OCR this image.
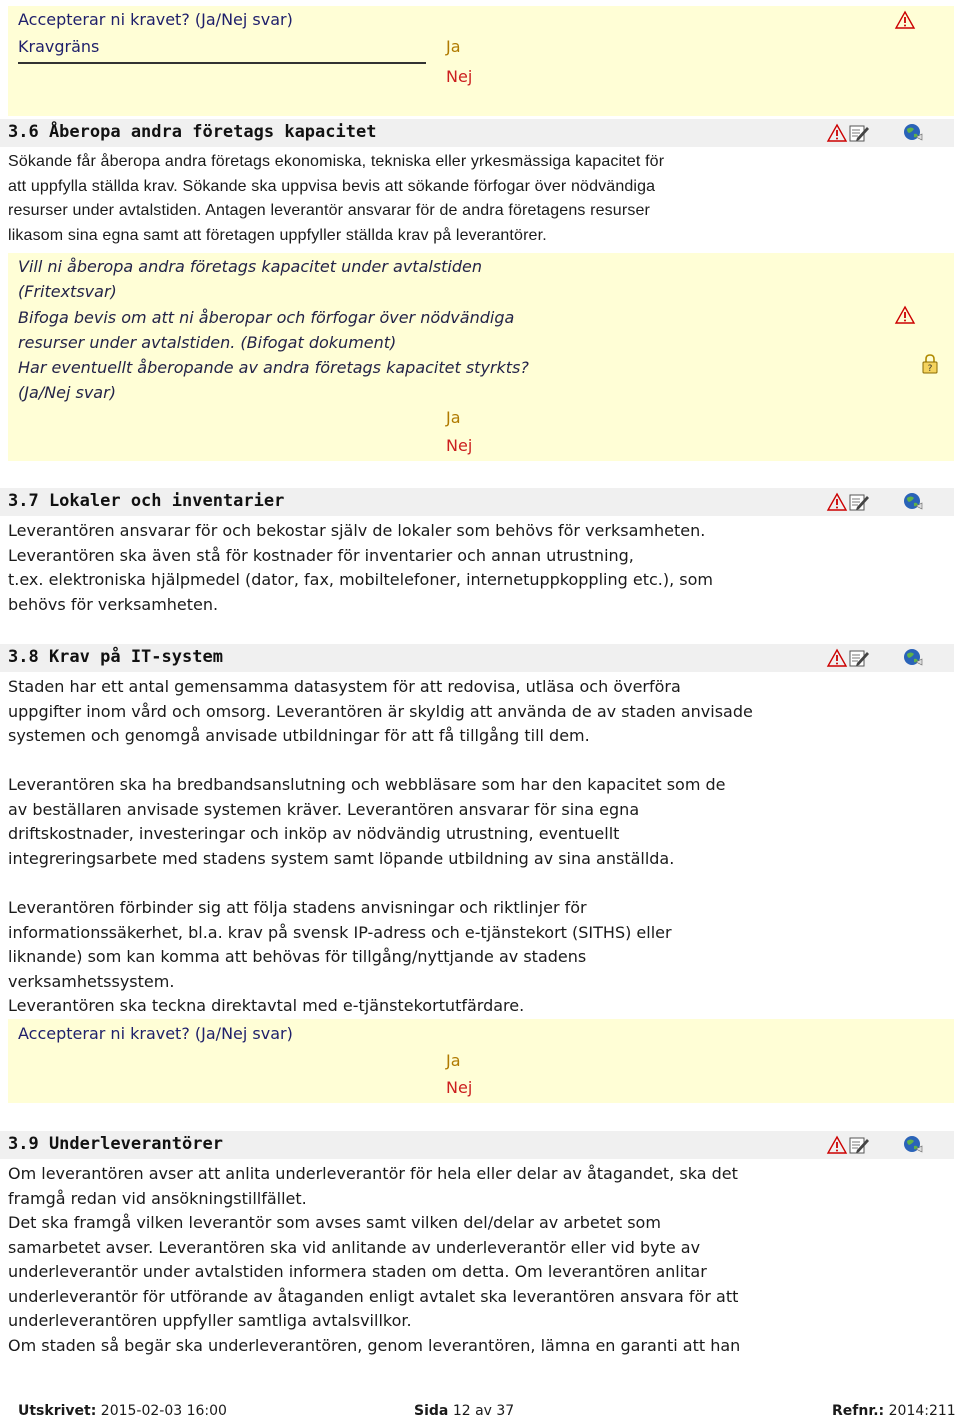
Accepterar ni kravet? (Ja/Nej svar)
Kravgräns	Ja
Nej
3.6 Åberopa andra företags kapacitet

Sökande får åberopa andra företags ekonomiska, tekniska eller yrkesmässiga kapacitet för

att uppfylla ställda krav. Sökande ska uppvisa bevis att sökande förfogar över nödvändiga

resurser under avtalstiden. Antagen leverantör ansvarar för de andra företagens resurser

likasom sina egna samt att företagen uppfyller ställda krav på leverantörer.

Vill ni åberopa andra företags kapacitet under avtalstiden
(Fritextsvar)
Bifoga bevis om att ni åberopar och förfogar över nödvändiga
resurser under avtalstiden. (Bifogat dokument)
Har eventuellt åberopande av andra företags kapacitet styrkts?
(Ja/Nej svar)
Ja
Nej
?
3.7 Lokaler och inventarier

Leverantören ansvarar för och bekostar själv de lokaler som behövs för verksamheten.

Leverantören ska även stå för kostnader för inventarier och annan utrustning,

t.ex. elektroniska hjälpmedel (dator, fax, mobiltelefoner, internetuppkoppling etc.), som

behövs för verksamheten.

3.8 Krav på IT-system

Staden har ett antal gemensamma datasystem för att redovisa, utläsa och överföra

uppgifter inom vård och omsorg. Leverantören är skyldig att använda de av staden anvisade

systemen och genomgå anvisade utbildningar för att få tillgång till dem.

Leverantören ska ha bredbandsanslutning och webbläsare som har den kapacitet som de

av beställaren anvisade systemen kräver. Leverantören ansvarar för sina egna

driftskostnader, investeringar och inköp av nödvändig utrustning, eventuellt

integreringsarbete med stadens system samt löpande utbildning av sina anställda.

Leverantören förbinder sig att följa stadens anvisningar och riktlinjer för

informationssäkerhet, bl.a. krav på svensk IP-adress och e-tjänstekort (SITHS) eller

liknande) som kan komma att behövas för tillgång/nyttjande av stadens

verksamhetssystem.

Leverantören ska teckna direktavtal med e-tjänstekortutfärdare.

Accepterar ni kravet? (Ja/Nej svar)
Ja
Nej
3.9 Underleverantörer

Om leverantören avser att anlita underleverantör för hela eller delar av åtagandet, ska det

framgå redan vid ansökningstillfället.

Det ska framgå vilken leverantör som avses samt vilken del/delar av arbetet som

samarbetet avser. Leverantören ska vid anlitande av underleverantör eller vid byte av

underleverantör under avtalstiden informera staden om detta. Om leverantören anlitar

underleverantör för utförande av åtaganden enligt avtalet ska leverantören ansvara för att

underleverantören uppfyller samtliga avtalsvillkor.

Om staden så begär ska underleverantören, genom leverantören, lämna en garanti att han

Utskrivet: 2015-02-03 16:00	Sida 12 av 37	Refnr.: 2014:211
